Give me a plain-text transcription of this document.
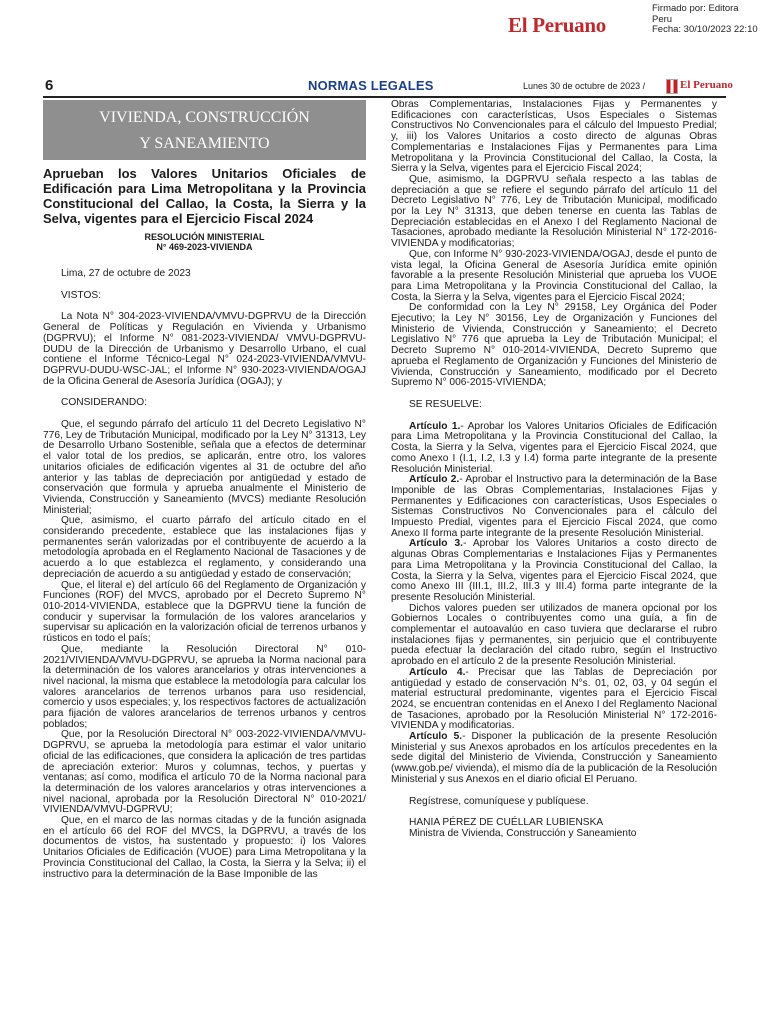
El Peruano
Firmado por: Editora
Peru
Fecha: 30/10/2023 22:10
6	NORMAS LEGALES	Lunes 30 de octubre de 2023 /	El Peruano
VIVIENDA, CONSTRUCCIÓN
Y SANEAMIENTO
Aprueban los Valores Unitarios Oficiales de Edificación para Lima Metropolitana y la Provincia Constitucional del Callao, la Costa, la Sierra y la Selva, vigentes para el Ejercicio Fiscal 2024
RESOLUCIÓN MINISTERIAL
N° 469-2023-VIVIENDA

Lima, 27 de octubre de 2023

VISTOS:

La Nota N° 304-2023-VIVIENDA/VMVU-DGPRVU de la Dirección General de Políticas y Regulación en Vivienda y Urbanismo (DGPRVU); el Informe N° 081-2023-VIVIENDA/ VMVU-DGPRVU-DUDU de la Dirección de Urbanismo y Desarrollo Urbano, el cual contiene el Informe Técnico-Legal N° 024-2023-VIVIENDA/VMVU-DGPRVU-DUDU-WSC-JAL; el Informe N° 930-2023-VIVIENDA/OGAJ de la Oficina General de Asesoría Jurídica (OGAJ); y

CONSIDERANDO:

Que, el segundo párrafo del artículo 11 del Decreto Legislativo N° 776, Ley de Tributación Municipal, modificado por la Ley N° 31313, Ley de Desarrollo Urbano Sostenible, señala que a efectos de determinar el valor total de los predios, se aplicarán, entre otro, los valores unitarios oficiales de edificación vigentes al 31 de octubre del año anterior y las tablas de depreciación por antigüedad y estado de conservación que formula y aprueba anualmente el Ministerio de Vivienda, Construcción y Saneamiento (MVCS) mediante Resolución Ministerial;

Que, asimismo, el cuarto párrafo del artículo citado en el considerando precedente, establece que las instalaciones fijas y permanentes serán valorizadas por el contribuyente de acuerdo a la metodología aprobada en el Reglamento Nacional de Tasaciones y de acuerdo a lo que establezca el reglamento, y considerando una depreciación de acuerdo a su antigüedad y estado de conservación;

Que, el literal e) del artículo 66 del Reglamento de Organización y Funciones (ROF) del MVCS, aprobado por el Decreto Supremo N° 010-2014-VIVIENDA, establece que la DGPRVU tiene la función de conducir y supervisar la formulación de los valores arancelarios y supervisar su aplicación en la valorización oficial de terrenos urbanos y rústicos en todo el país;

Que, mediante la Resolución Directoral N° 010-2021/VIVIENDA/VMVU-DGPRVU, se aprueba la Norma nacional para la determinación de los valores arancelarios y otras intervenciones a nivel nacional, la misma que establece la metodología para calcular los valores arancelarios de terrenos urbanos para uso residencial, comercio y usos especiales; y, los respectivos factores de actualización para fijación de valores arancelarios de terrenos urbanos y centros poblados;

Que, por la Resolución Directoral N° 003-2022-VIVIENDA/VMVU-DGPRVU, se aprueba la metodología para estimar el valor unitario oficial de las edificaciones, que considera la aplicación de tres partidas de apreciación exterior: Muros y columnas, techos, y puertas y ventanas; así como, modifica el artículo 70 de la Norma nacional para la determinación de los valores arancelarios y otras intervenciones a nivel nacional, aprobada por la Resolución Directoral N° 010-2021/ VIVIENDA/VMVU-DGPRVU;

Que, en el marco de las normas citadas y de la función asignada en el artículo 66 del ROF del MVCS, la DGPRVU, a través de los documentos de vistos, ha sustentado y propuesto: i) los Valores Unitarios Oficiales de Edificación (VUOE) para Lima Metropolitana y la Provincia Constitucional del Callao, la Costa, la Sierra y la Selva; ii) el instructivo para la determinación de la Base Imponible de las

Obras Complementarias, Instalaciones Fijas y Permanentes y Edificaciones con características, Usos Especiales o Sistemas Constructivos No Convencionales para el cálculo del Impuesto Predial; y, iii) los Valores Unitarios a costo directo de algunas Obras Complementarias e Instalaciones Fijas y Permanentes para Lima Metropolitana y la Provincia Constitucional del Callao, la Costa, la Sierra y la Selva, vigentes para el Ejercicio Fiscal 2024;

Que, asimismo, la DGPRVU señala respecto a las tablas de depreciación a que se refiere el segundo párrafo del artículo 11 del Decreto Legislativo N° 776, Ley de Tributación Municipal, modificado por la Ley N° 31313, que deben tenerse en cuenta las Tablas de Depreciación establecidas en el Anexo I del Reglamento Nacional de Tasaciones, aprobado mediante la Resolución Ministerial N° 172-2016-VIVIENDA y modificatorias;

Que, con Informe N° 930-2023-VIVIENDA/OGAJ, desde el punto de vista legal, la Oficina General de Asesoría Jurídica emite opinión favorable a la presente Resolución Ministerial que aprueba los VUOE para Lima Metropolitana y la Provincia Constitucional del Callao, la Costa, la Sierra y la Selva, vigentes para el Ejercicio Fiscal 2024;

De conformidad con la Ley N° 29158, Ley Orgánica del Poder Ejecutivo; la Ley N° 30156, Ley de Organización y Funciones del Ministerio de Vivienda, Construcción y Saneamiento; el Decreto Legislativo N° 776 que aprueba la Ley de Tributación Municipal; el Decreto Supremo N° 010-2014-VIVIENDA, Decreto Supremo que aprueba el Reglamento de Organización y Funciones del Ministerio de Vivienda, Construcción y Saneamiento, modificado por el Decreto Supremo N° 006-2015-VIVIENDA;

SE RESUELVE:

Artículo 1.- Aprobar los Valores Unitarios Oficiales de Edificación para Lima Metropolitana y la Provincia Constitucional del Callao, la Costa, la Sierra y la Selva, vigentes para el Ejercicio Fiscal 2024, que como Anexo I (I.1, I.2, I.3 y I.4) forma parte integrante de la presente Resolución Ministerial.

Artículo 2.- Aprobar el Instructivo para la determinación de la Base Imponible de las Obras Complementarias, Instalaciones Fijas y Permanentes y Edificaciones con características, Usos Especiales o Sistemas Constructivos No Convencionales para el cálculo del Impuesto Predial, vigentes para el Ejercicio Fiscal 2024, que como Anexo II forma parte integrante de la presente Resolución Ministerial.

Artículo 3.- Aprobar los Valores Unitarios a costo directo de algunas Obras Complementarias e Instalaciones Fijas y Permanentes para Lima Metropolitana y la Provincia Constitucional del Callao, la Costa, la Sierra y la Selva, vigentes para el Ejercicio Fiscal 2024, que como Anexo III (III.1, III.2, III.3 y III.4) forma parte integrante de la presente Resolución Ministerial.

Dichos valores pueden ser utilizados de manera opcional por los Gobiernos Locales o contribuyentes como una guía, a fin de complementar el autoavalúo en caso tuviera que declararse el rubro instalaciones fijas y permanentes, sin perjuicio que el contribuyente pueda efectuar la declaración del citado rubro, según el Instructivo aprobado en el artículo 2 de la presente Resolución Ministerial.

Artículo 4.- Precisar que las Tablas de Depreciación por antigüedad y estado de conservación N°s. 01, 02, 03, y 04 según el material estructural predominante, vigentes para el Ejercicio Fiscal 2024, se encuentran contenidas en el Anexo I del Reglamento Nacional de Tasaciones, aprobado por la Resolución Ministerial N° 172-2016-VIVIENDA y modificatorias.

Artículo 5.- Disponer la publicación de la presente Resolución Ministerial y sus Anexos aprobados en los artículos precedentes en la sede digital del Ministerio de Vivienda, Construcción y Saneamiento (www.gob.pe/ vivienda), el mismo día de la publicación de la Resolución Ministerial y sus Anexos en el diario oficial El Peruano.

Regístrese, comuníquese y publíquese.

HANIA PÉREZ DE CUÉLLAR LUBIENSKA

Ministra de Vivienda, Construcción y Saneamiento
